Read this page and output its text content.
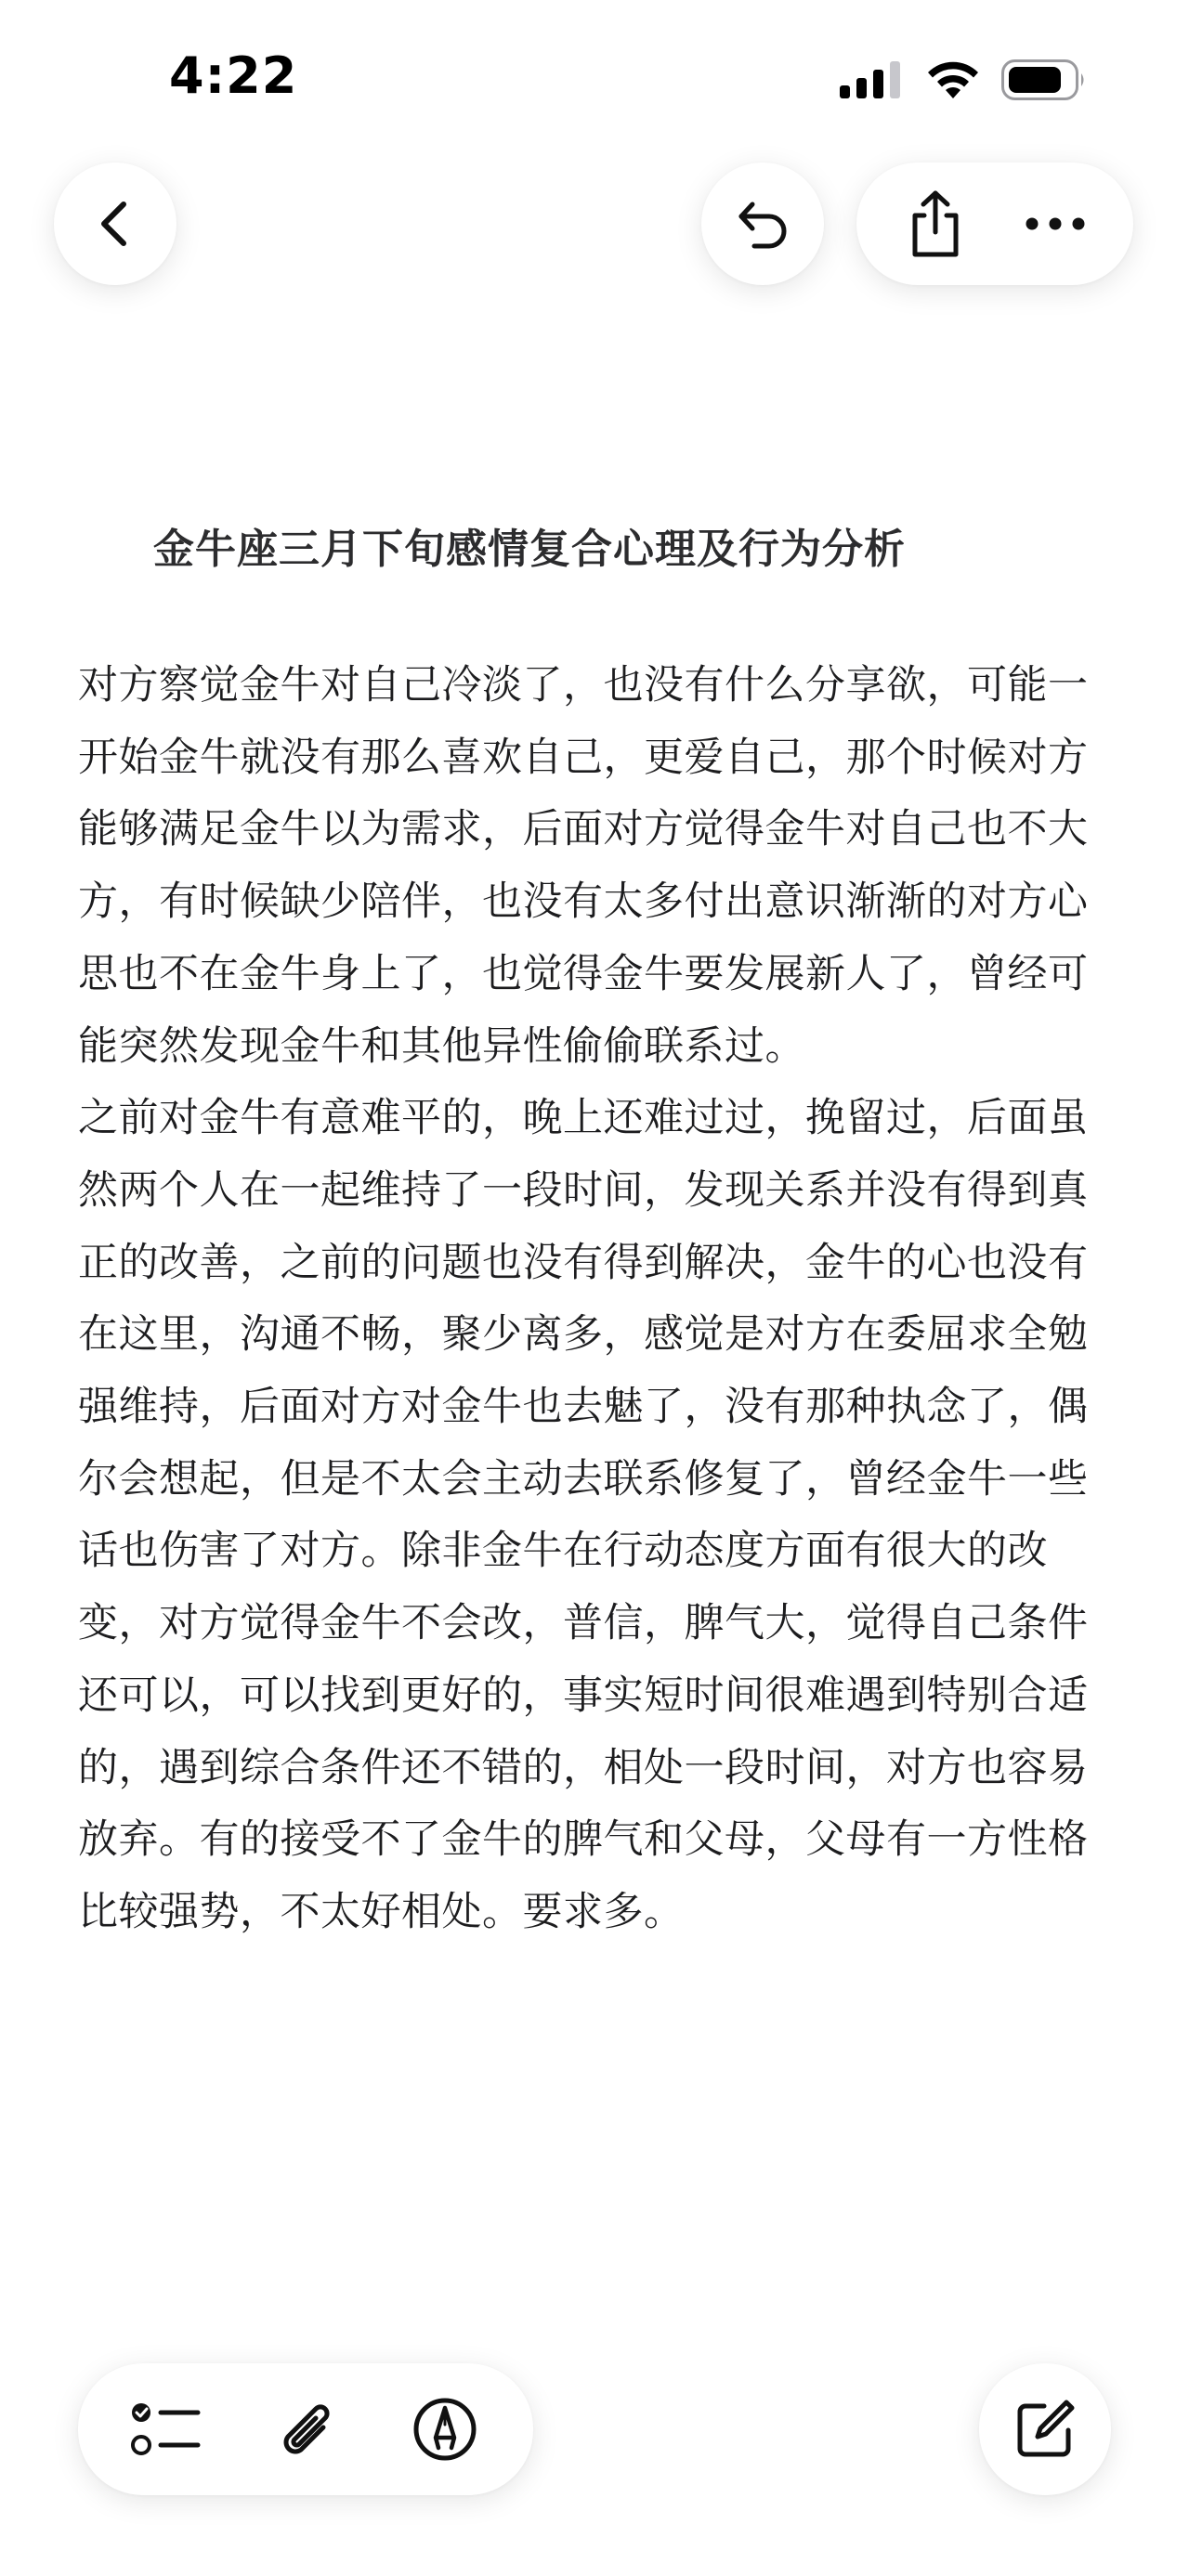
4:22
金牛座三月下旬感情复合心理及行为分析

对方察觉金牛对自己冷淡了，也没有什么分享欲，可能一开始金牛就没有那么喜欢自己，更爱自己，那个时候对方能够满足金牛以为需求，后面对方觉得金牛对自己也不大方，有时候缺少陪伴，也没有太多付出意识渐渐的对方心思也不在金牛身上了，也觉得金牛要发展新人了，曾经可能突然发现金牛和其他异性偷偷联系过。

之前对金牛有意难平的，晚上还难过过，挽留过，后面虽然两个人在一起维持了一段时间，发现关系并没有得到真正的改善，之前的问题也没有得到解决，金牛的心也没有在这里，沟通不畅，聚少离多，感觉是对方在委屈求全勉强维持，后面对方对金牛也去魅了，没有那种执念了，偶尔会想起，但是不太会主动去联系修复了，曾经金牛一些话也伤害了对方。除非金牛在行动态度方面有很大的改变，对方觉得金牛不会改，普信，脾气大，觉得自己条件还可以，可以找到更好的，事实短时间很难遇到特别合适的，遇到综合条件还不错的，相处一段时间，对方也容易放弃。有的接受不了金牛的脾气和父母，父母有一方性格比较强势，不太好相处。要求多。
